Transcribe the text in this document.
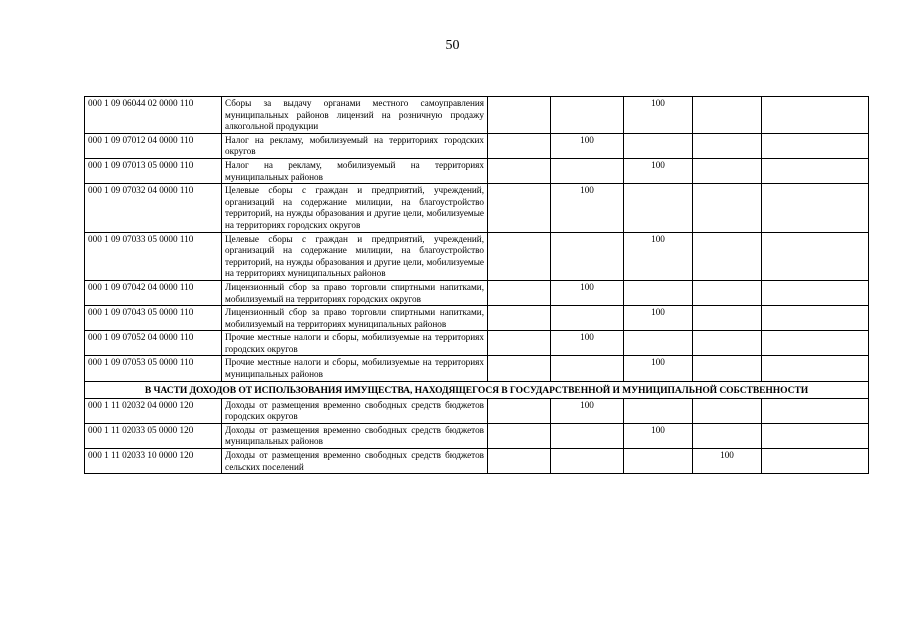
50
000 1 09 06044 02 0000 110	Сборы за выдачу органами местного самоуправления муниципальных районов лицензий на розничную продажу алкогольной продукции			100		
000 1 09 07012 04 0000 110	Налог на рекламу, мобилизуемый на территориях городских округов		100			
000 1 09 07013 05 0000 110	Налог на рекламу, мобилизуемый на территориях муниципальных районов			100		
000 1 09 07032 04 0000 110	Целевые сборы с граждан и предприятий, учреждений, организаций на содержание милиции, на благоустройство территорий, на нужды образования и другие цели, мобилизуемые на территориях городских округов		100			
000 1 09 07033 05 0000 110	Целевые сборы с граждан и предприятий, учреждений, организаций на содержание милиции, на благоустройство территорий, на нужды образования и другие цели, мобилизуемые на территориях муниципальных районов			100		
000 1 09 07042 04 0000 110	Лицензионный сбор за право торговли спиртными напитками, мобилизуемый на территориях городских округов		100			
000 1 09 07043 05 0000 110	Лицензионный сбор за право торговли спиртными напитками, мобилизуемый на территориях муниципальных районов			100		
000 1 09 07052 04 0000 110	Прочие местные налоги и сборы, мобилизуемые на территориях городских округов		100			
000 1 09 07053 05 0000 110	Прочие местные налоги и сборы, мобилизуемые на территориях муниципальных районов			100		
В ЧАСТИ ДОХОДОВ ОТ ИСПОЛЬЗОВАНИЯ ИМУЩЕСТВА, НАХОДЯЩЕГОСЯ В ГОСУДАРСТВЕННОЙ И МУНИЦИПАЛЬНОЙ СОБСТВЕННОСТИ						
000 1 11 02032 04 0000 120	Доходы от размещения временно свободных средств бюджетов городских округов		100			
000 1 11 02033 05 0000 120	Доходы от размещения временно свободных средств бюджетов муниципальных районов			100		
000 1 11 02033 10 0000 120	Доходы от размещения временно свободных средств бюджетов сельских поселений				100	
